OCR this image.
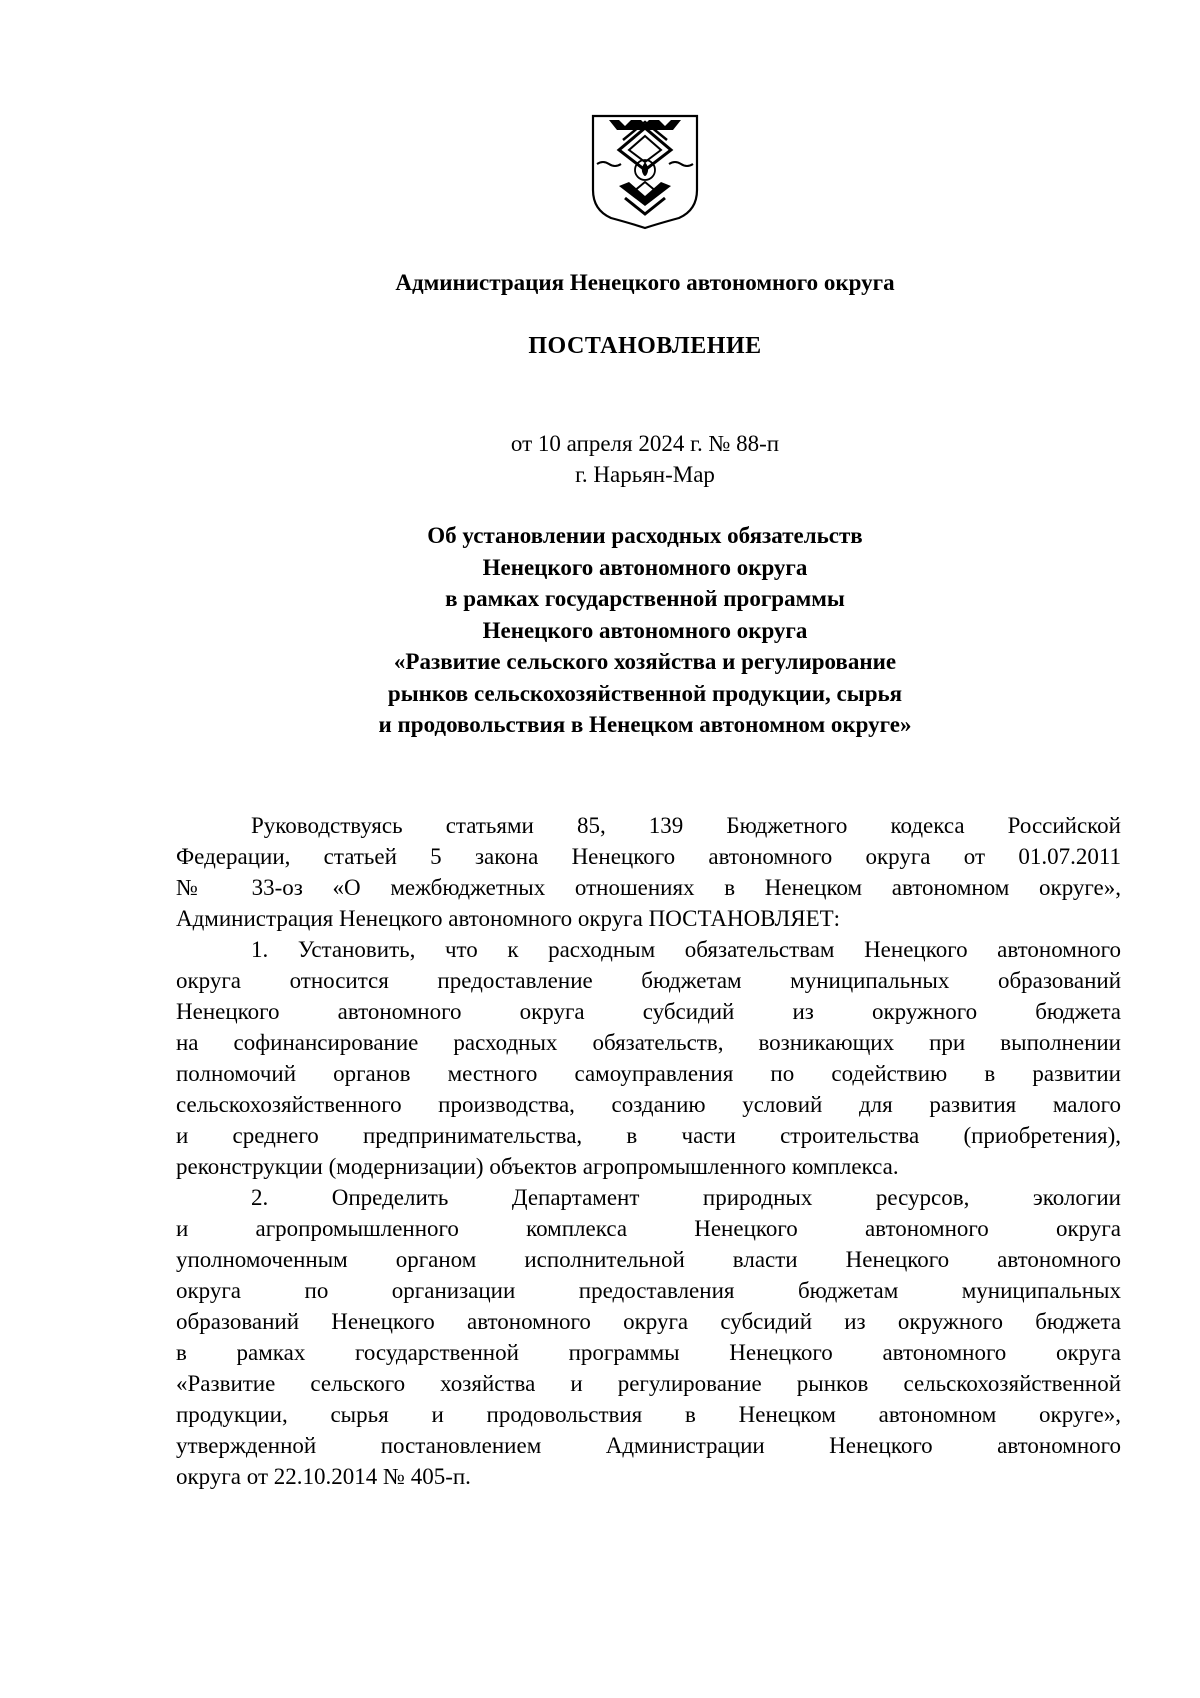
Администрация Ненецкого автономного округа
ПОСТАНОВЛЕНИЕ
от 10 апреля 2024 г. № 88-п
г. Нарьян-Мар
Об установлении расходных обязательств
Ненецкого автономного округа
в рамках государственной программы
Ненецкого автономного округа
«Развитие сельского хозяйства и регулирование
рынков сельскохозяйственной продукции, сырья
и продовольствия в Ненецком автономном округе»
Руководствуясь статьями 85, 139 Бюджетного кодекса Российской
Федерации, статьей 5 закона Ненецкого автономного округа от 01.07.2011
№ 33-оз «О межбюджетных отношениях в Ненецком автономном округе»,
Администрация Ненецкого автономного округа ПОСТАНОВЛЯЕТ:
1. Установить, что к расходным обязательствам Ненецкого автономного
округа относится предоставление бюджетам муниципальных образований
Ненецкого автономного округа субсидий из окружного бюджета
на софинансирование расходных обязательств, возникающих при выполнении
полномочий органов местного самоуправления по содействию в развитии
сельскохозяйственного производства, созданию условий для развития малого
и среднего предпринимательства, в части строительства (приобретения),
реконструкции (модернизации) объектов агропромышленного комплекса.
2. Определить Департамент природных ресурсов, экологии
и агропромышленного комплекса Ненецкого автономного округа
уполномоченным органом исполнительной власти Ненецкого автономного
округа по организации предоставления бюджетам муниципальных
образований Ненецкого автономного округа субсидий из окружного бюджета
в рамках государственной программы Ненецкого автономного округа
«Развитие сельского хозяйства и регулирование рынков сельскохозяйственной
продукции, сырья и продовольствия в Ненецком автономном округе»,
утвержденной постановлением Администрации Ненецкого автономного
округа от 22.10.2014 № 405-п.
